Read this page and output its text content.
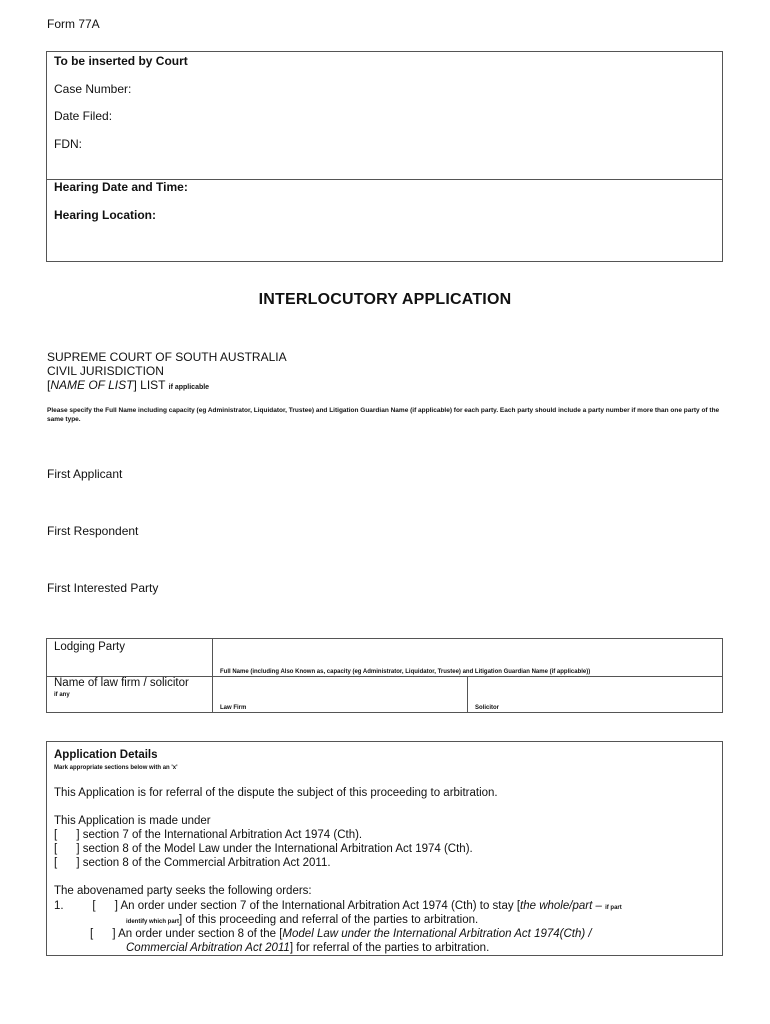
Form 77A
To be inserted by Court
Case Number:
Date Filed:
FDN:
Hearing Date and Time:
Hearing Location:
INTERLOCUTORY APPLICATION
SUPREME COURT OF SOUTH AUSTRALIA
CIVIL JURISDICTION
[NAME OF LIST] LIST if applicable
Please specify the Full Name including capacity (eg Administrator, Liquidator, Trustee) and Litigation Guardian Name (if applicable) for each party. Each party should include a party number if more than one party of the same type.
First Applicant
First Respondent
First Interested Party
Lodging Party
Full Name (including Also Known as, capacity (eg Administrator, Liquidator, Trustee) and Litigation Guardian Name (if applicable))
Name of law firm / solicitor
if any
Law Firm	Solicitor
Application Details
Mark appropriate sections below with an 'x'
This Application is for referral of the dispute the subject of this proceeding to arbitration.
This Application is made under
[      ] section 7 of the International Arbitration Act 1974 (Cth).
[      ] section 8 of the Model Law under the International Arbitration Act 1974 (Cth).
[      ] section 8 of the Commercial Arbitration Act 2011.
The abovenamed party seeks the following orders:
1.         [      ] An order under section 7 of the International Arbitration Act 1974 (Cth) to stay [the whole/part – if part
identify which part] of this proceeding and referral of the parties to arbitration.
[      ] An order under section 8 of the [Model Law under the International Arbitration Act 1974(Cth) /
Commercial Arbitration Act 2011] for referral of the parties to arbitration.
